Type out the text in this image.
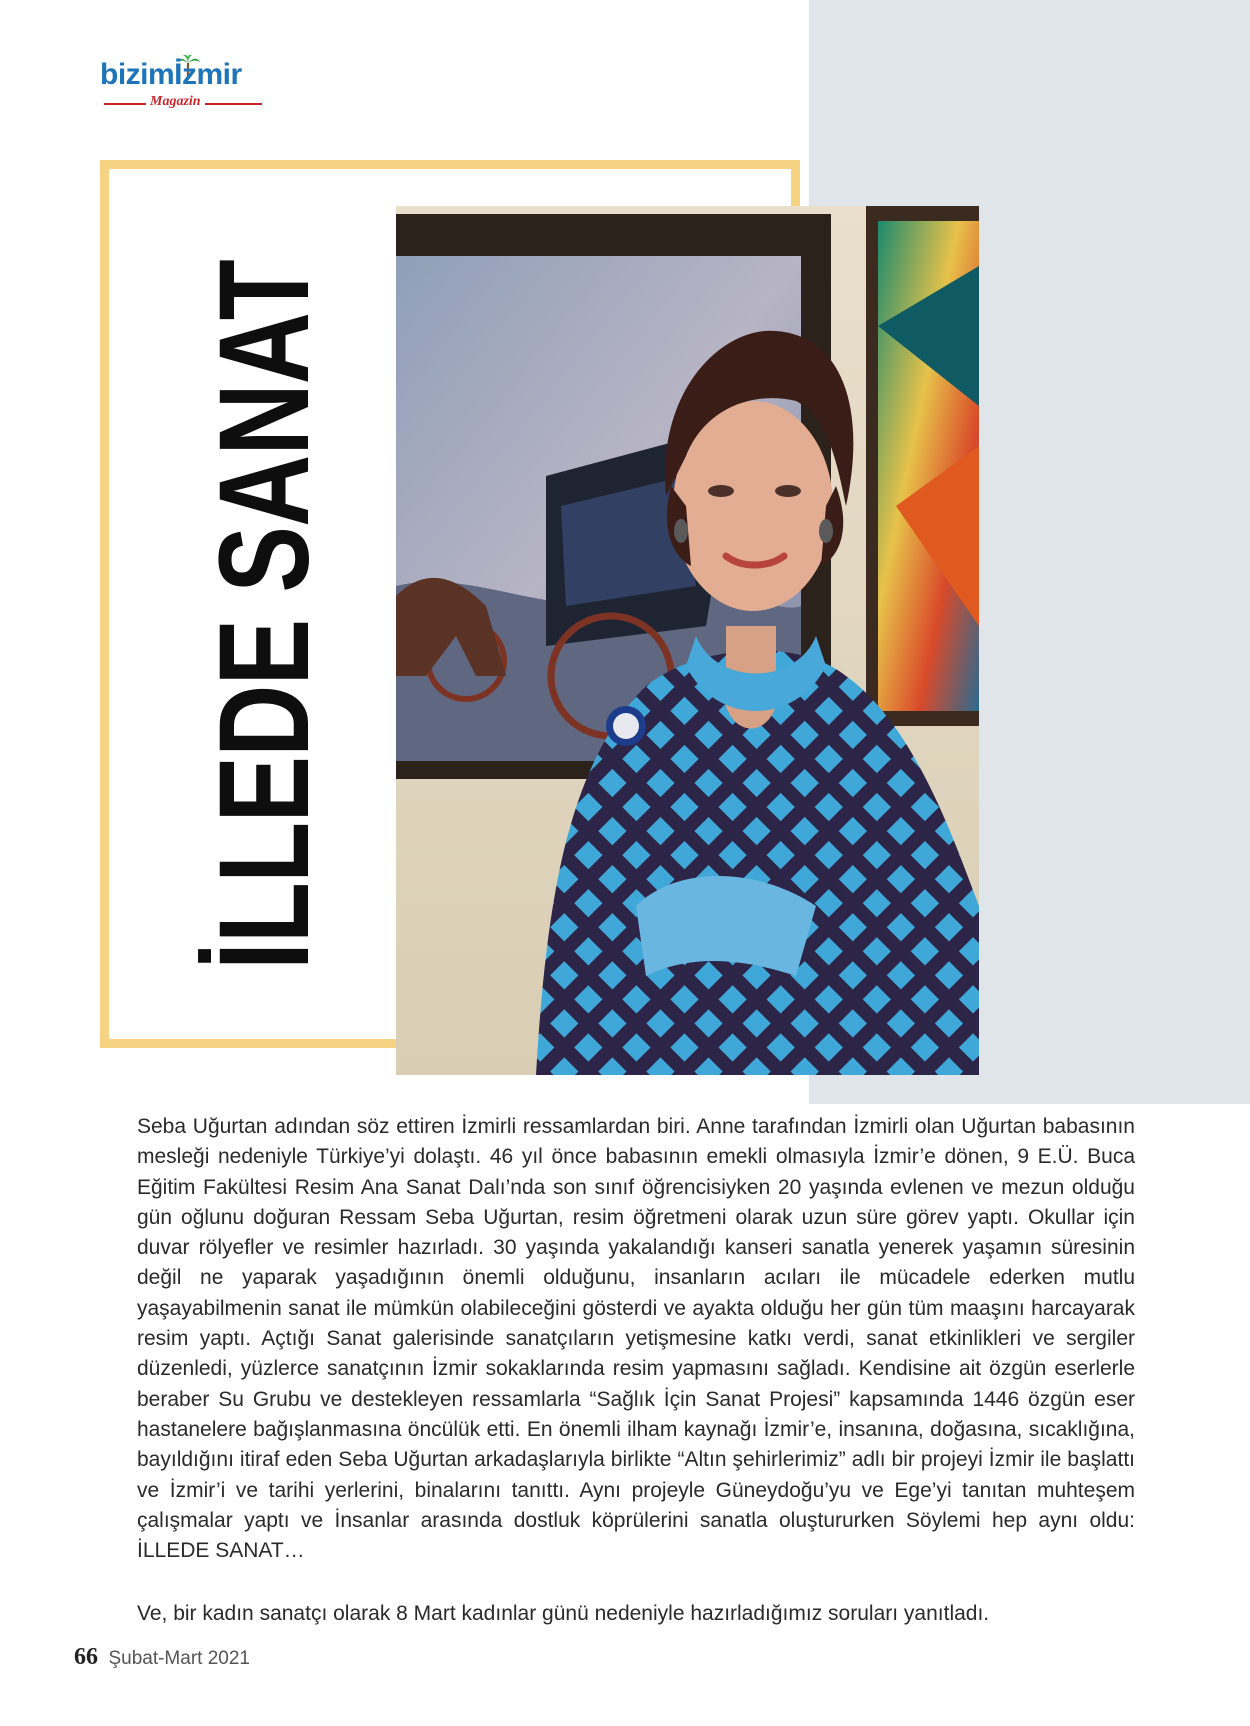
bizimİzmir
Magazin
İLLEDE SANAT

Seba Uğurtan adından söz ettiren İzmirli ressamlardan biri. Anne tarafından İzmirli olan Uğurtan babasının mesleği nedeniyle Türkiye’yi dolaştı. 46 yıl önce babasının emekli olmasıyla İzmir’e dönen, 9 E.Ü. Buca Eğitim Fakültesi Resim Ana Sanat Dalı’nda son sınıf öğrencisiyken 20 yaşında evlenen ve mezun olduğu gün oğlunu doğuran Ressam Seba Uğurtan, resim öğretmeni olarak uzun süre görev yaptı. Okullar için duvar rölyefler ve resimler hazırladı. 30 yaşında yakalandığı kanseri sanatla yenerek yaşamın süresinin değil ne yaparak yaşadığının önemli olduğunu, insanların acıları ile mücadele ederken mutlu yaşayabilmenin sanat ile mümkün olabileceğini gösterdi ve ayakta olduğu her gün tüm maaşını harcayarak resim yaptı. Açtığı Sanat galerisinde sanatçıların yetişmesine katkı verdi, sanat etkinlikleri ve sergiler düzenledi, yüzlerce sanatçının İzmir sokaklarında resim yapmasını sağladı. Kendisine ait özgün eserlerle beraber Su Grubu ve destekleyen ressamlarla “Sağlık İçin Sanat Projesi” kapsamında 1446 özgün eser hastanelere bağışlanmasına öncülük etti. En önemli ilham kaynağı İzmir’e, insanına, doğasına, sıcaklığına, bayıldığını itiraf eden Seba Uğurtan arkadaşlarıyla birlikte “Altın şehirlerimiz” adlı bir projeyi İzmir ile başlattı ve İzmir’i ve tarihi yerlerini, binalarını tanıttı. Aynı projeyle Güneydoğu’yu ve Ege’yi tanıtan muhteşem çalışmalar yaptı ve İnsanlar arasında dostluk köprülerini sanatla oluştururken Söylemi hep aynı oldu: İLLEDE SANAT…

Ve, bir kadın sanatçı olarak 8 Mart kadınlar günü nedeniyle hazırladığımız soruları yanıtladı.

66 Şubat-Mart 2021
